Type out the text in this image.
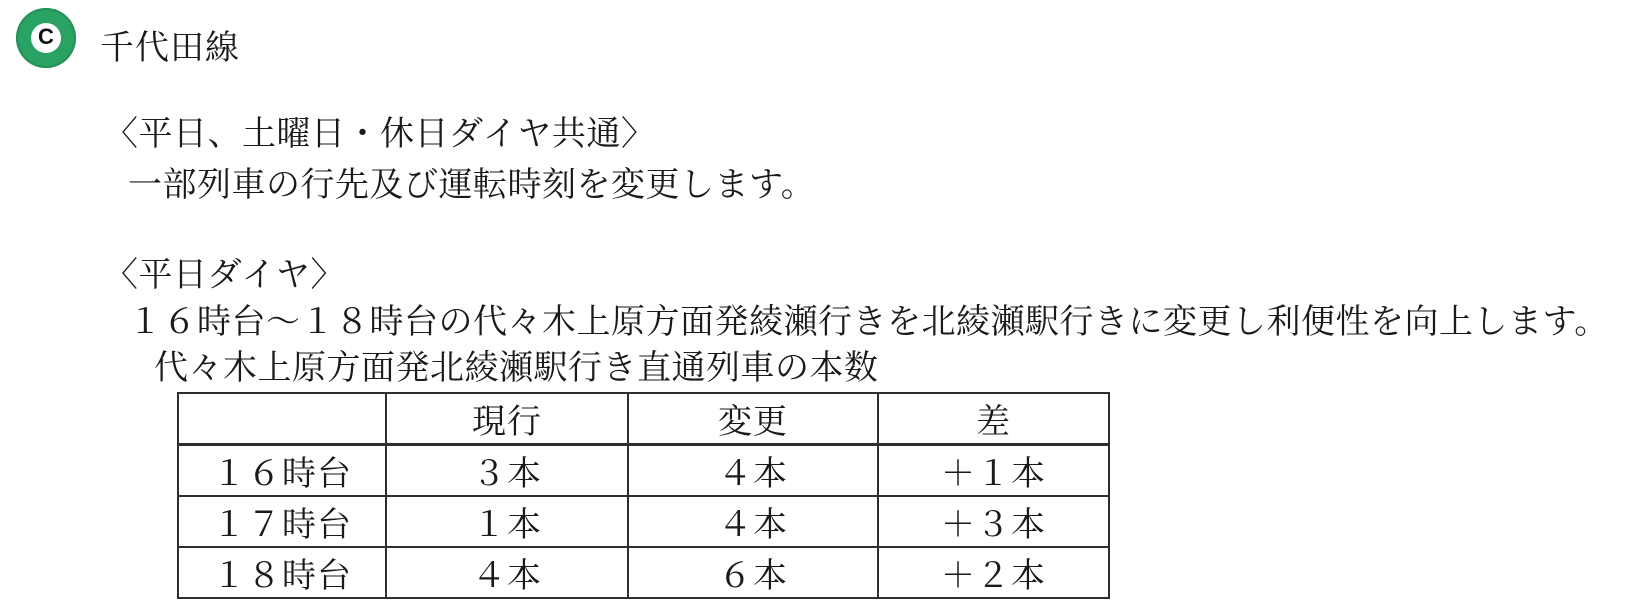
C 千代田線
〈平日、土曜日・休日ダイヤ共通〉
一部列車の行先及び運転時刻を変更します。
〈平日ダイヤ〉
１６時台～１８時台の代々木上原方面発綾瀬行きを北綾瀬駅行きに変更し利便性を向上します。
代々木上原方面発北綾瀬駅行き直通列車の本数
	現行	変更	差
１６時台	３本	４本	＋１本
１７時台	１本	４本	＋３本
１８時台	４本	６本	＋２本
